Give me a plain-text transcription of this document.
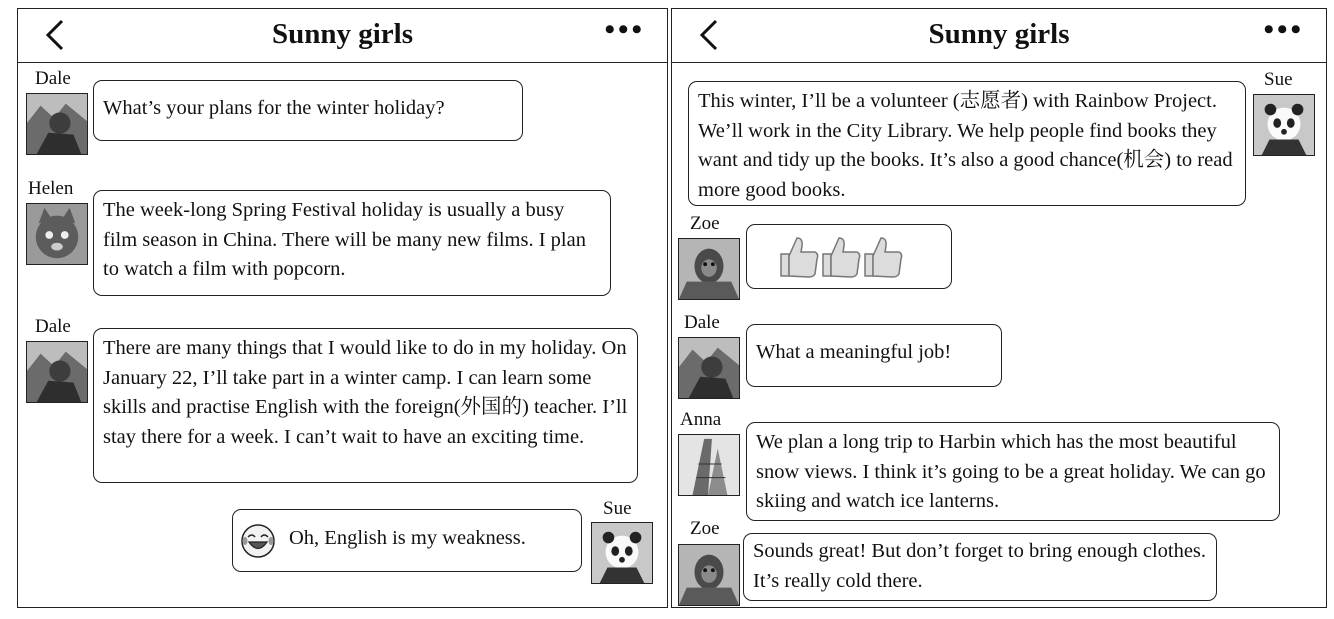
Sunny girls	•••
Dale
What’s your plans for the winter holiday?
Helen
The week-long Spring Festival holiday is usually a busy film season in China. There will be many new films. I plan to watch a film with popcorn.
Dale
There are many things that I would like to do in my holiday. On January 22, I’ll take part in a winter camp. I can learn some skills and practise English with the foreign(外国的) teacher. I’ll stay there for a week. I can’t wait to have an exciting time.
Sue
Oh, English is my weakness.
Sunny girls	•••
Sue
This winter, I’ll be a volunteer (志愿者) with Rainbow Project. We’ll work in the City Library. We help people find books they want and tidy up the books. It’s also a good chance(机会) to read more good books.
Zoe
Dale
What a meaningful job!
Anna
We plan a long trip to Harbin which has the most beautiful snow views. I think it’s going to be a great holiday. We can go skiing and watch ice lanterns.
Zoe
Sounds great! But don’t forget to bring enough clothes. It’s really cold there.
